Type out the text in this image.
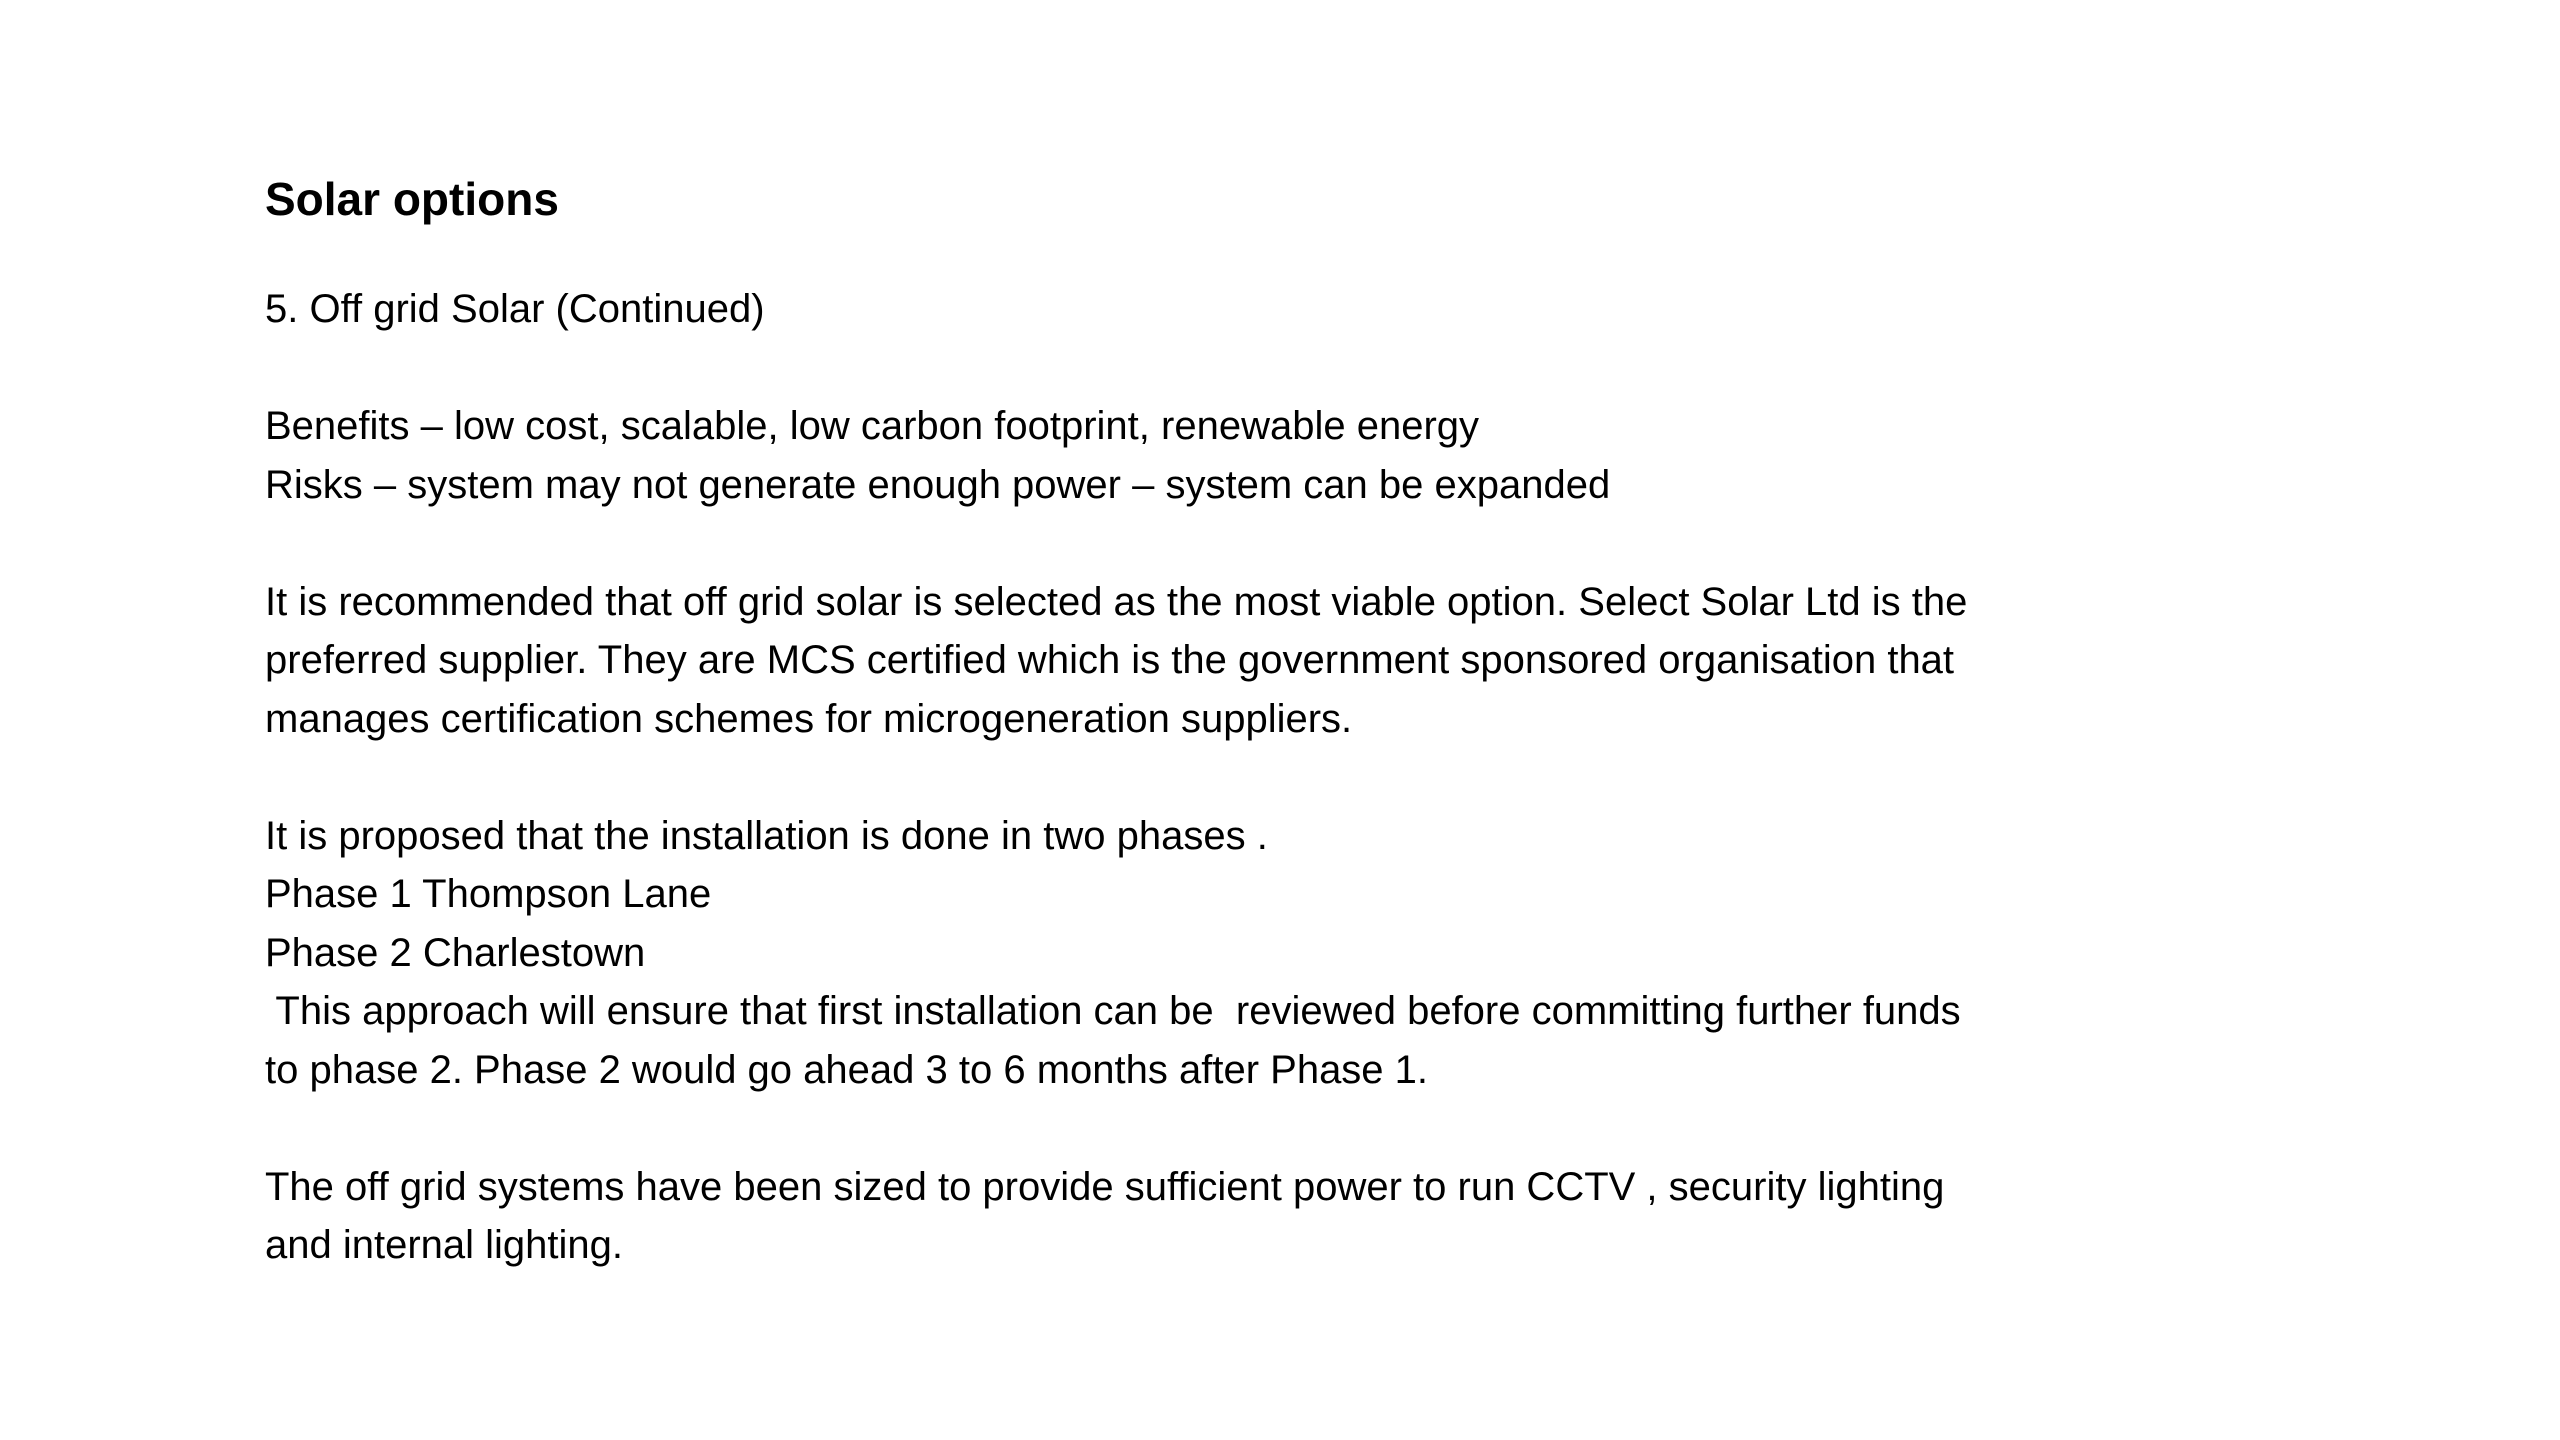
Solar options

5. Off grid Solar (Continued)

Benefits – low cost, scalable, low carbon footprint, renewable energy

Risks – system may not generate enough power – system can be expanded

It is recommended that off grid solar is selected as the most viable option. Select Solar Ltd is the

preferred supplier. They are MCS certified which is the government sponsored organisation that

manages certification schemes for microgeneration suppliers.

It is proposed that the installation is done in two phases .

Phase 1 Thompson Lane

Phase 2 Charlestown

This approach will ensure that first installation can be  reviewed before committing further funds

to phase 2. Phase 2 would go ahead 3 to 6 months after Phase 1.

The off grid systems have been sized to provide sufficient power to run CCTV , security lighting

and internal lighting.
